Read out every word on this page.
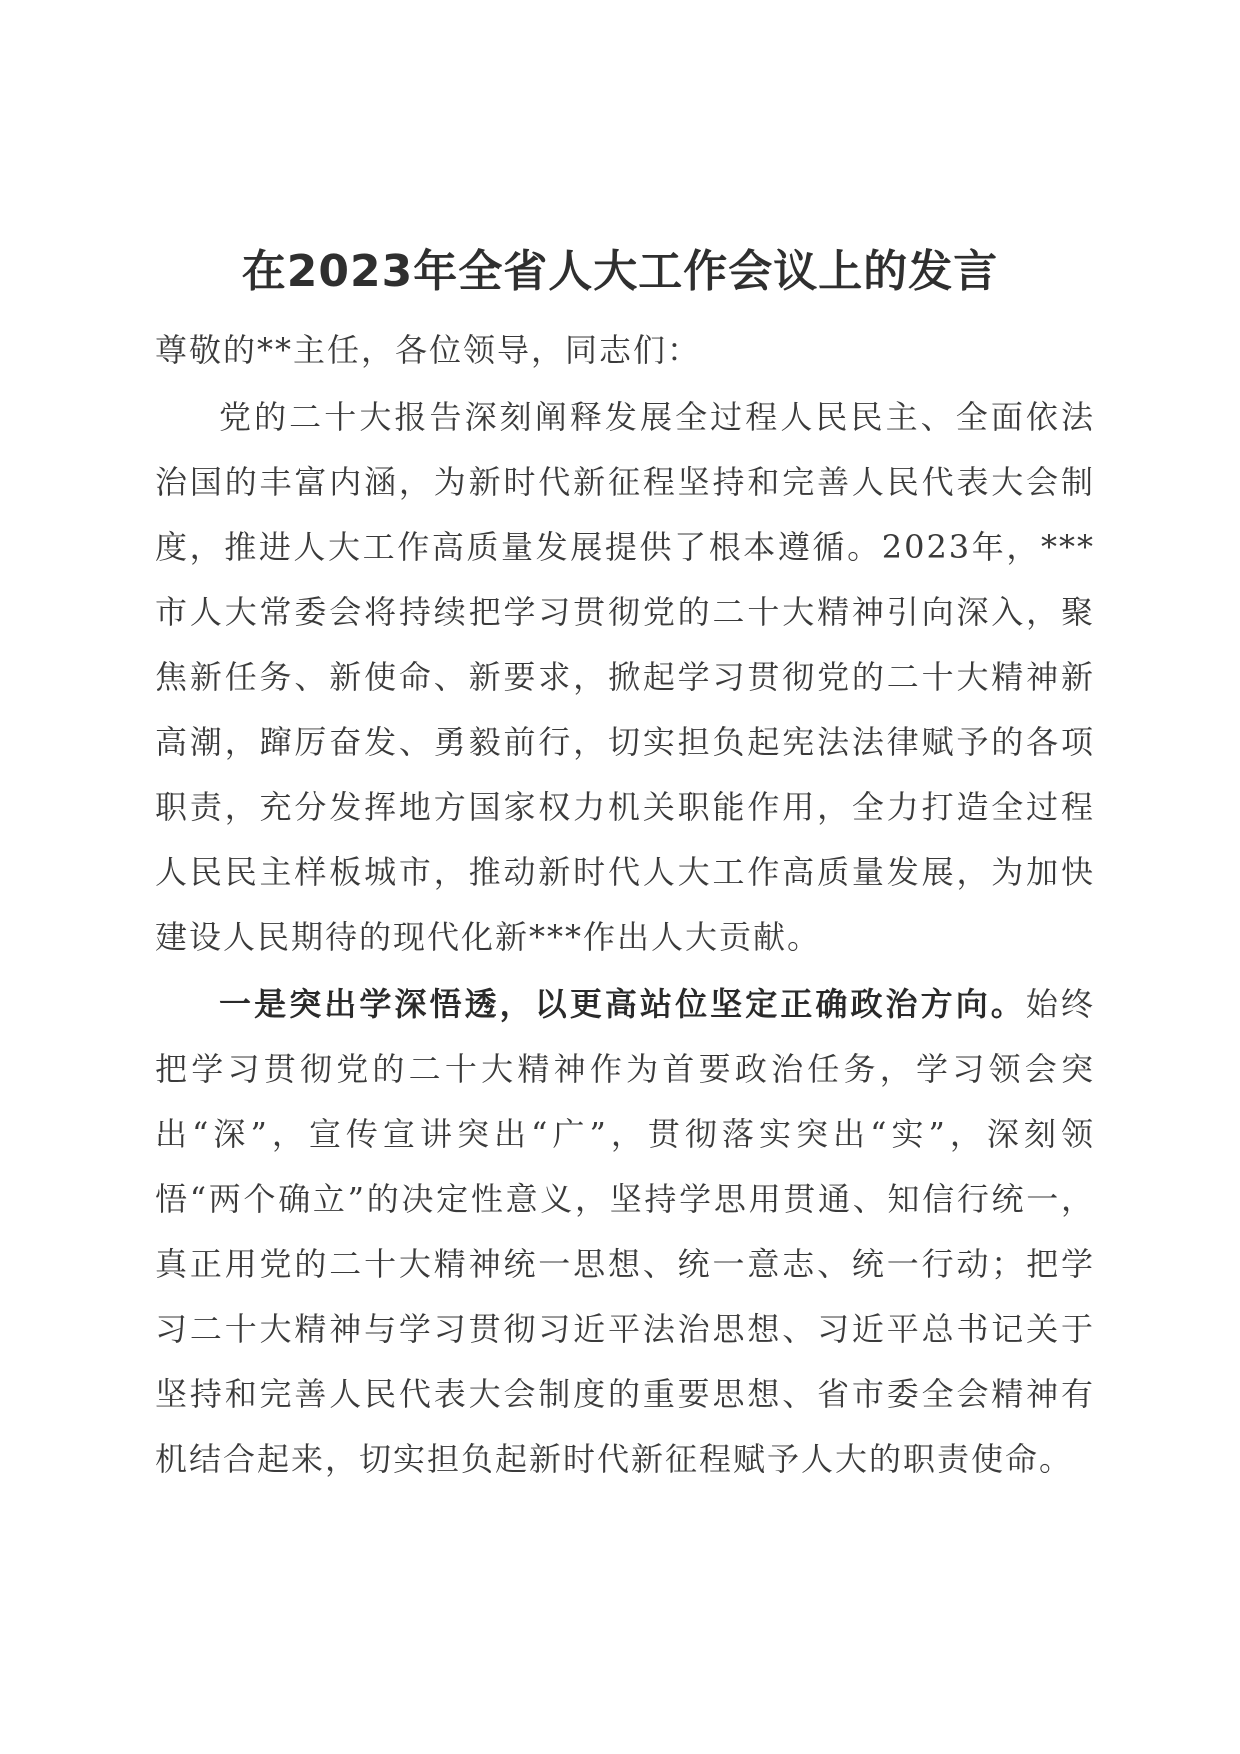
在2023年全省人大工作会议上的发言

尊敬的**主任，各位领导，同志们：

党的二十大报告深刻阐释发展全过程人民民主、全面依法治国的丰富内涵，为新时代新征程坚持和完善人民代表大会制度，推进人大工作高质量发展提供了根本遵循。2023年，***市人大常委会将持续把学习贯彻党的二十大精神引向深入，聚焦新任务、新使命、新要求，掀起学习贯彻党的二十大精神新高潮，蹿厉奋发、勇毅前行，切实担负起宪法法律赋予的各项职责，充分发挥地方国家权力机关职能作用，全力打造全过程人民民主样板城市，推动新时代人大工作高质量发展，为加快建设人民期待的现代化新***作出人大贡献。

一是突出学深悟透，以更高站位坚定正确政治方向。始终把学习贯彻党的二十大精神作为首要政治任务，学习领会突出“深”，宣传宣讲突出“广”，贯彻落实突出“实”，深刻领悟“两个确立”的决定性意义，坚持学思用贯通、知信行统一，真正用党的二十大精神统一思想、统一意志、统一行动；把学习二十大精神与学习贯彻习近平法治思想、习近平总书记关于坚持和完善人民代表大会制度的重要思想、省市委全会精神有机结合起来，切实担负起新时代新征程赋予人大的职责使命。
